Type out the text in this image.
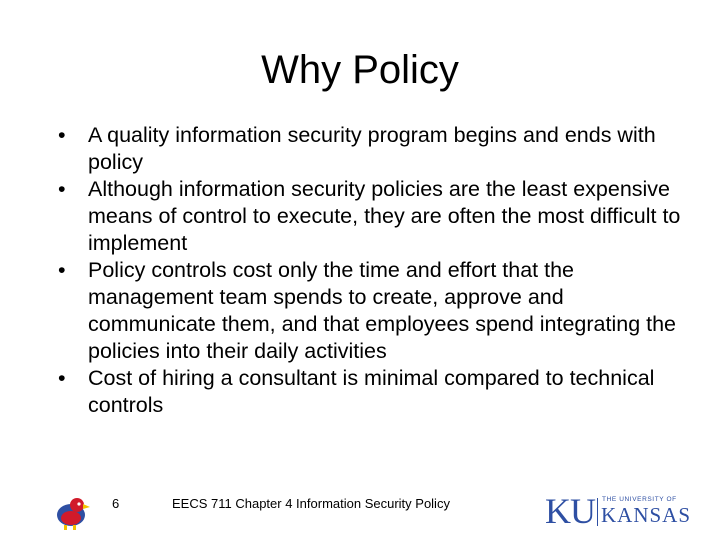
Why Policy
•	A quality information security program begins and ends with policy
•	Although information security policies are the least expensive means of control to execute, they are often the most difficult to implement
•	Policy controls cost only the time and effort that the management team spends to create, approve and communicate them, and that employees spend integrating the policies into their daily activities
•	Cost of hiring a consultant is minimal compared to technical controls
6	EECS 711 Chapter 4 Information Security Policy	KU THE UNIVERSITY OF
KANSAS
